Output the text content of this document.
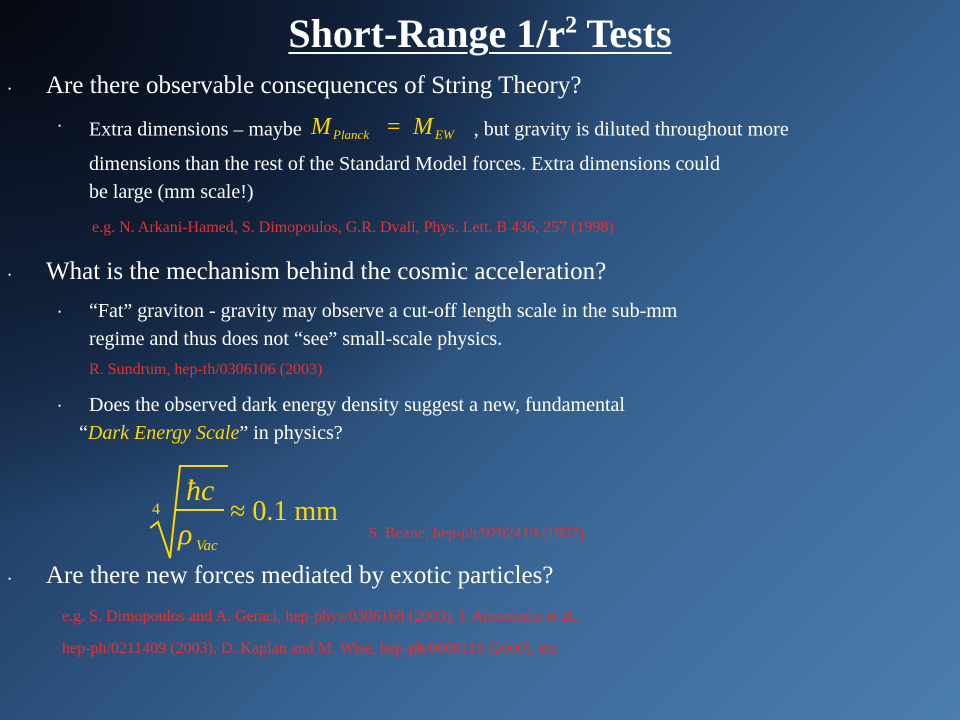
Short-Range $1/r^2$ Tests
• Are there observable consequences of String Theory?
• Extra dimensions – maybe M Planck = M EW , but gravity is diluted throughout more
dimensions than the rest of the Standard Model forces. Extra dimensions could
be large (mm scale!)
e.g. N. Arkani-Hamed, S. Dimopoulos, G.R. Dvali, Phys. Lett. B 436, 257 (1998)
• What is the mechanism behind the cosmic acceleration?
• “Fat” graviton - gravity may observe a cut-off length scale in the sub-mm
regime and thus does not “see” small-scale physics.
R. Sundrum, hep-th/0306106 (2003)
• Does the observed dark energy density suggest a new, fundamental
“Dark Energy Scale” in physics?
4
ħc
ρ Vac
≈ 0.1 mm
S. Beane, hep-ph/9702419 (1997)
• Are there new forces mediated by exotic particles?
e.g. S. Dimopoulos and A. Geraci, hep-phys/0306168 (2003), I. Antoniadis et al.,
hep-ph/0211409 (2003), D. Kaplan and M. Wise, hep-ph/0008116 (2000), etc.
